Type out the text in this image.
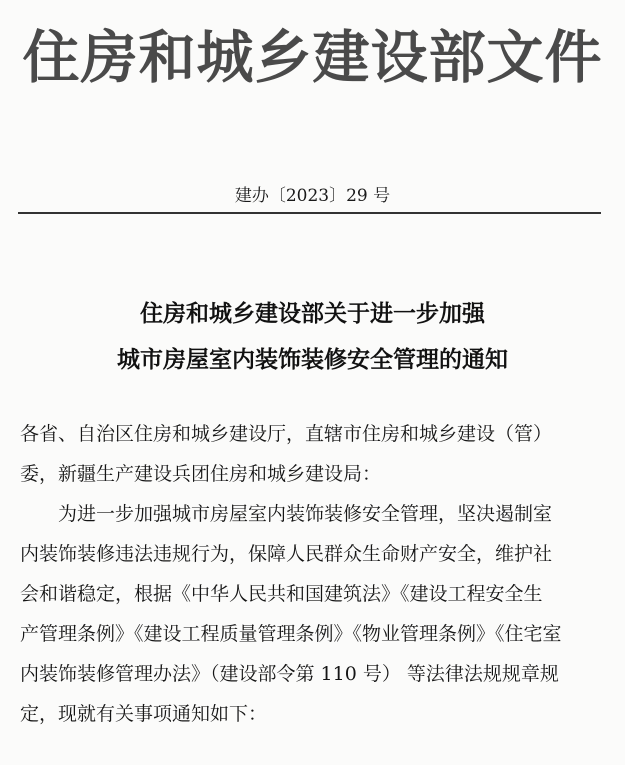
住房和城乡建设部文件
建办〔2023〕29 号
住房和城乡建设部关于进一步加强
城市房屋室内装饰装修安全管理的通知
各省、自治区住房和城乡建设厅，直辖市住房和城乡建设（管）
委，新疆生产建设兵团住房和城乡建设局：
为进一步加强城市房屋室内装饰装修安全管理，坚决遏制室
内装饰装修违法违规行为，保障人民群众生命财产安全，维护社
会和谐稳定，根据《中华人民共和国建筑法》《建设工程安全生
产管理条例》《建设工程质量管理条例》《物业管理条例》《住宅室
内装饰装修管理办法》（建设部令第 110 号） 等法律法规规章规
定，现就有关事项通知如下：
